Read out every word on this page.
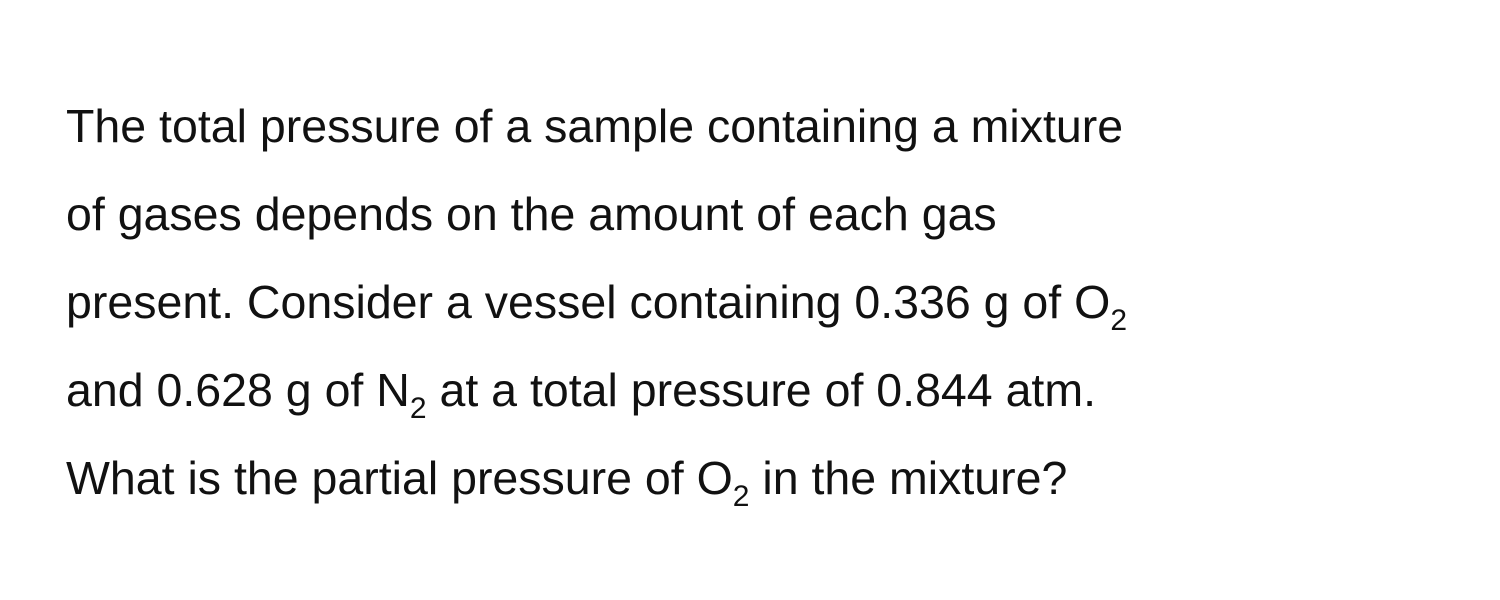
The total pressure of a sample containing a mixture
of gases depends on the amount of each gas
present. Consider a vessel containing 0.336 g of $O_2$
and 0.628 g of $N_2$ at a total pressure of 0.844 atm.
What is the partial pressure of $O_2$ in the mixture?
